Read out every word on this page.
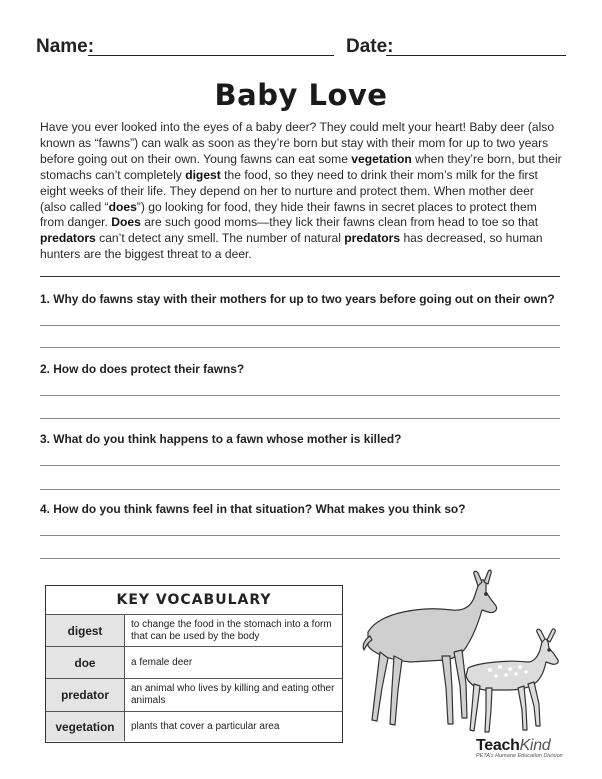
Name:	Date:
Baby Love
Have you ever looked into the eyes of a baby deer? They could melt your heart! Baby deer (also known as “fawns”) can walk as soon as they’re born but stay with their mom for up to two years before going out on their own. Young fawns can eat some vegetation when they’re born, but their stomachs can’t completely digest the food, so they need to drink their mom’s milk for the first eight weeks of their life. They depend on her to nurture and protect them. When mother deer (also called “does”) go looking for food, they hide their fawns in secret places to protect them from danger. Does are such good moms—they lick their fawns clean from head to toe so that predators can’t detect any smell. The number of natural predators has decreased, so human hunters are the biggest threat to a deer.
1. Why do fawns stay with their mothers for up to two years before going out on their own?
2. How do does protect their fawns?
3. What do you think happens to a fawn whose mother is killed?
4. How do you think fawns feel in that situation? What makes you think so?
KEY VOCABULARY
digest	to change the food in the stomach into a form that can be used by the body
doe	a female deer
predator	an animal who lives by killing and eating other animals
vegetation	plants that cover a particular area
TeachKind
PETA’s Humane Education Division
